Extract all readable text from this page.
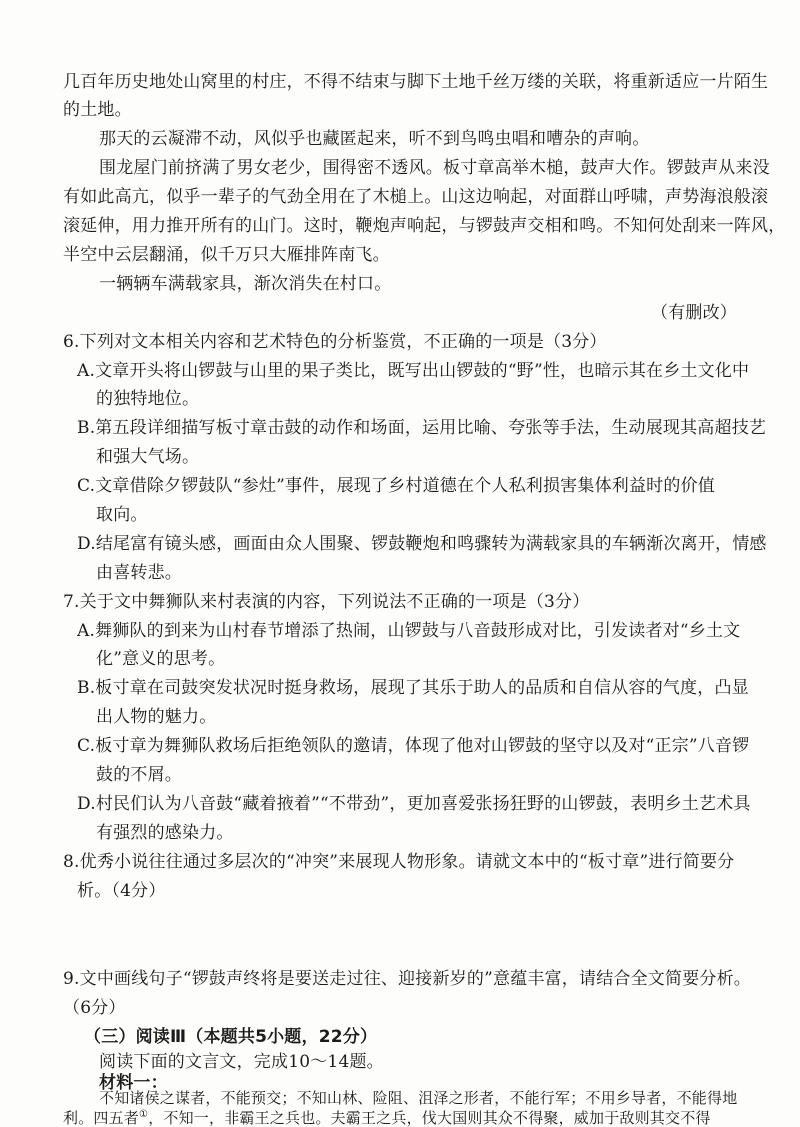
几百年历史地处山窝里的村庄，不得不结束与脚下土地千丝万缕的关联，将重新适应一片陌生
的土地。
那天的云凝滞不动，风似乎也藏匿起来，听不到鸟鸣虫唱和嘈杂的声响。
围龙屋门前挤满了男女老少，围得密不透风。板寸章高举木槌，鼓声大作。锣鼓声从来没
有如此高亢，似乎一辈子的气劲全用在了木槌上。山这边响起，对面群山呼啸，声势海浪般滚
滚延伸，用力推开所有的山门。这时，鞭炮声响起，与锣鼓声交相和鸣。不知何处刮来一阵风，
半空中云层翻涌，似千万只大雁排阵南飞。
一辆辆车满载家具，渐次消失在村口。
（有删改）
6.下列对文本相关内容和艺术特色的分析鉴赏，不正确的一项是（3分）
A.文章开头将山锣鼓与山里的果子类比，既写出山锣鼓的“野”性，也暗示其在乡土文化中
的独特地位。
B.第五段详细描写板寸章击鼓的动作和场面，运用比喻、夸张等手法，生动展现其高超技艺
和强大气场。
C.文章借除夕锣鼓队“参灶”事件，展现了乡村道德在个人私利损害集体利益时的价值
取向。
D.结尾富有镜头感，画面由众人围聚、锣鼓鞭炮和鸣骤转为满载家具的车辆渐次离开，情感
由喜转悲。
7.关于文中舞狮队来村表演的内容，下列说法不正确的一项是（3分）
A.舞狮队的到来为山村春节增添了热闹，山锣鼓与八音鼓形成对比，引发读者对“乡土文
化”意义的思考。
B.板寸章在司鼓突发状况时挺身救场，展现了其乐于助人的品质和自信从容的气度，凸显
出人物的魅力。
C.板寸章为舞狮队救场后拒绝领队的邀请，体现了他对山锣鼓的坚守以及对“正宗”八音锣
鼓的不屑。
D.村民们认为八音鼓“藏着掖着”“不带劲”，更加喜爱张扬狂野的山锣鼓，表明乡土艺术具
有强烈的感染力。
8.优秀小说往往通过多层次的“冲突”来展现人物形象。请就文本中的“板寸章”进行简要分
析。（4分）
9.文中画线句子“锣鼓声终将是要送走过往、迎接新岁的”意蕴丰富，请结合全文简要分析。
（6分）
（三）阅读Ⅲ（本题共5小题，22分）
阅读下面的文言文，完成10～14题。
材料一：
不知诸侯之谋者，不能预交；不知山林、险阻、沮泽之形者，不能行军；不用乡导者，不能得地
利。四五者①，不知一，非霸王之兵也。夫霸王之兵，伐大国则其众不得聚，威加于敌则其交不得
